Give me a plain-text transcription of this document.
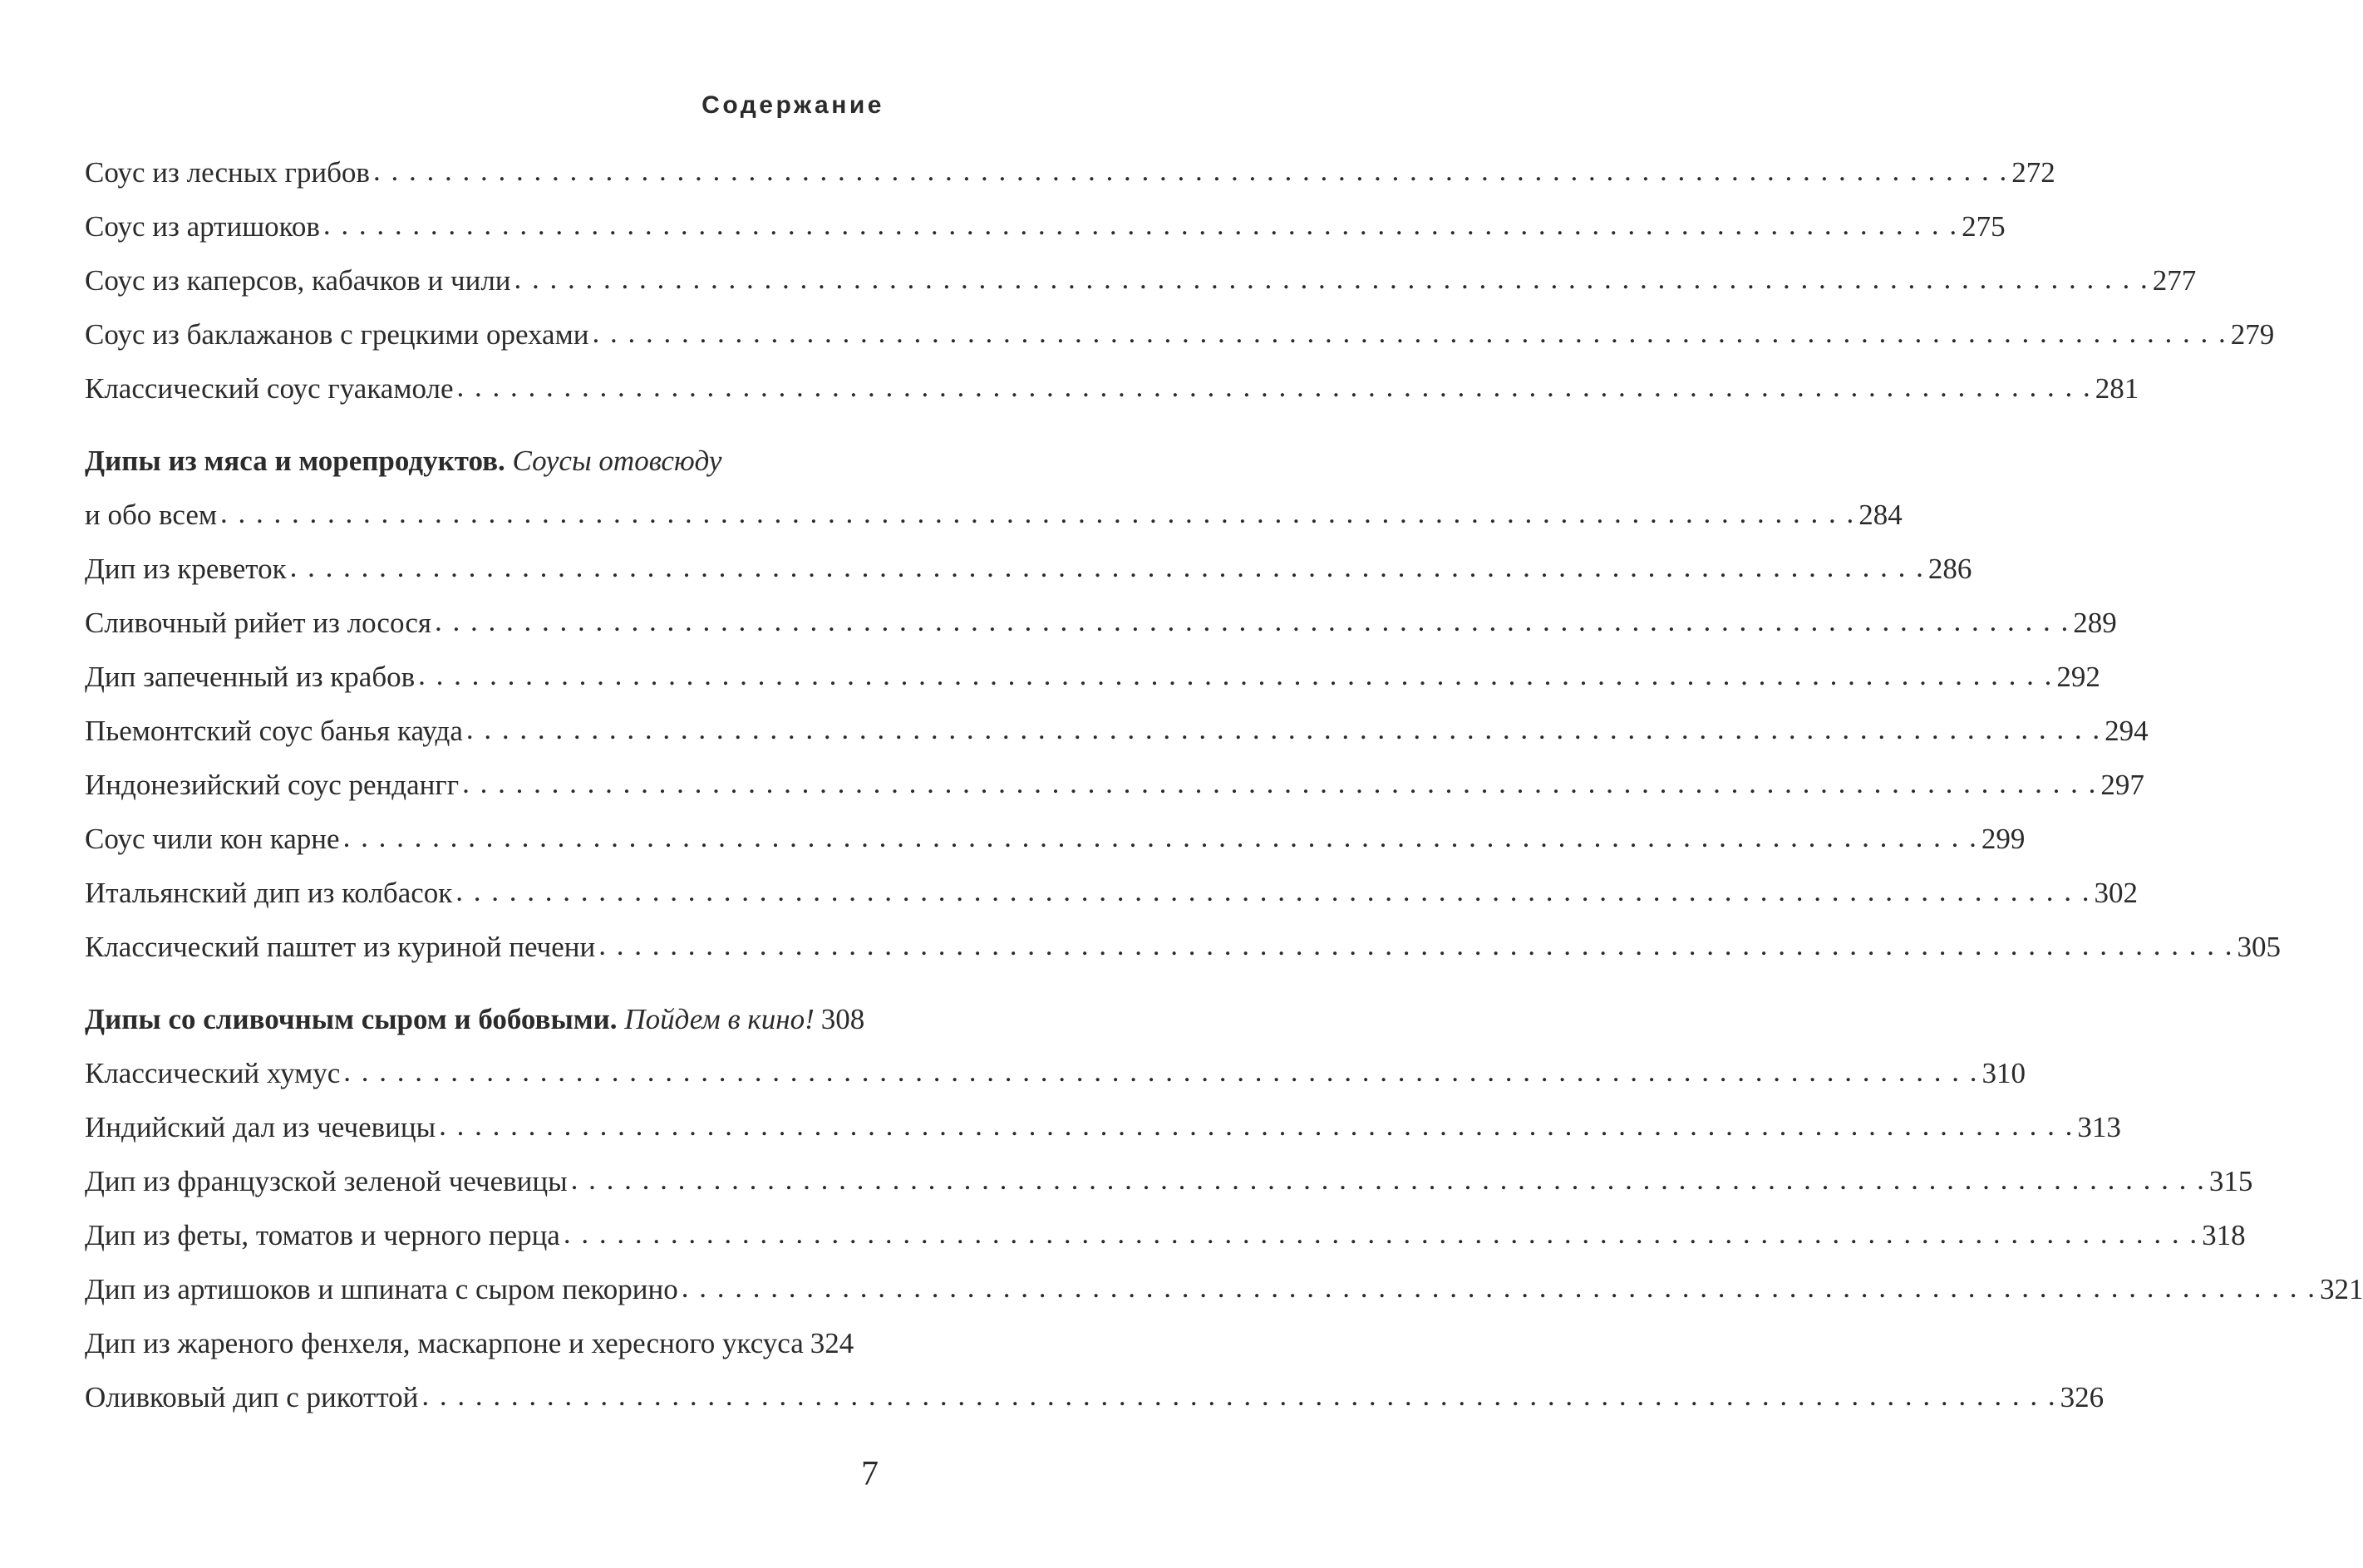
Содержание
Соус из лесных грибов . . .	272
Соус из артишоков . . .	275
Соус из каперсов, кабачков и чили . . .	277
Соус из баклажанов с грецкими орехами . . .	279
Классический соус гуакамоле . . .	281
Дипы из мяса и морепродуктов. Соусы отовсюду
и обо всем . . .	284
Дип из креветок . . .	286
Сливочный рийет из лосося . . .	289
Дип запеченный из крабов . . .	292
Пьемонтский соус банья кауда . . .	294
Индонезийский соус рендангг . . .	297
Соус чили кон карне . . .	299
Итальянский дип из колбасок . . .	302
Классический паштет из куриной печени . . .	305
Дипы со сливочным сыром и бобовыми. Пойдем в кино! 308
Классический хумус . . .	310
Индийский дал из чечевицы . . .	313
Дип из французской зеленой чечевицы . . .	315
Дип из феты, томатов и черного перца . . .	318
Дип из артишоков и шпината с сыром пекорино . . .	321
Дип из жареного фенхеля, маскарпоне и хересного уксуса 324
Оливковый дип с рикоттой . . .	326
7
